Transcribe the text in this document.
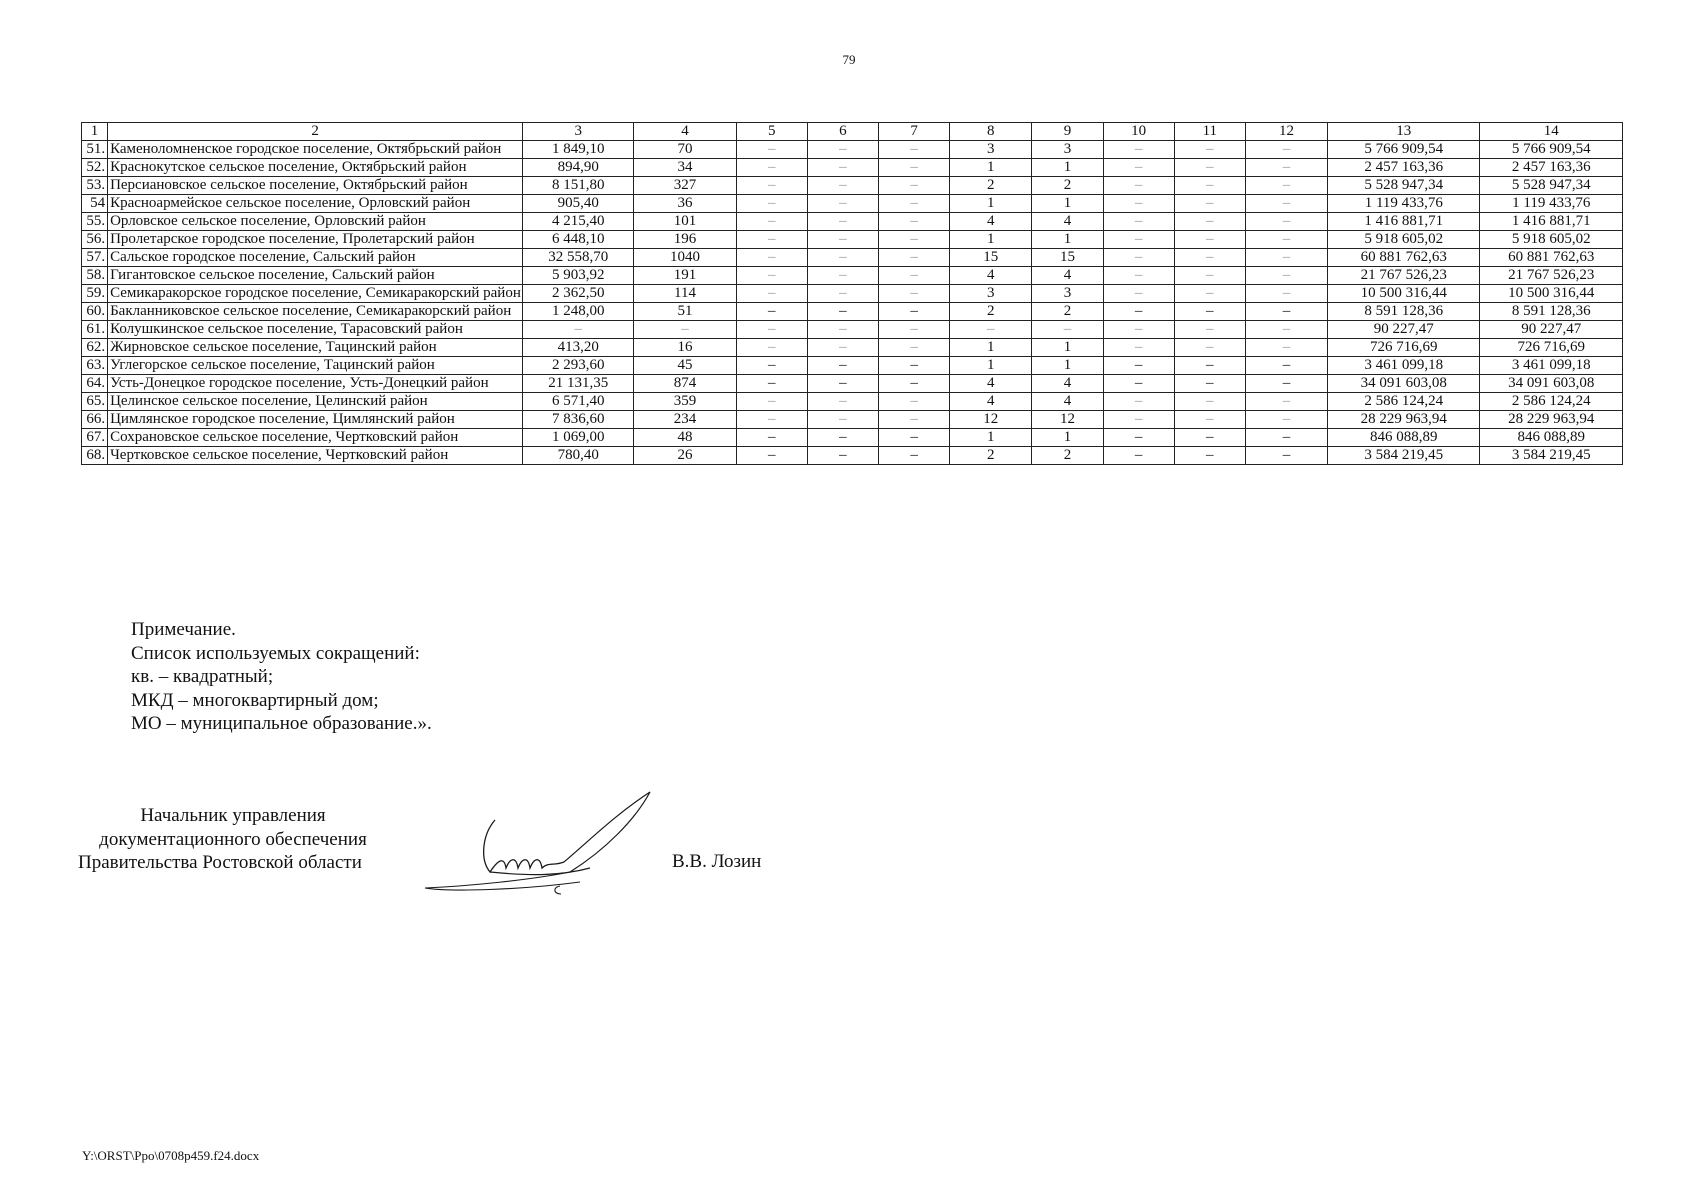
79
1	2	3	4	5	6	7	8	9	10	11	12	13	14
51.	Каменоломненское городское поселение, Октябрьский район	1 849,10	70	–	–	–	3	3	–	–	–	5 766 909,54	5 766 909,54
52.	Краснокутское сельское поселение, Октябрьский район	894,90	34	–	–	–	1	1	–	–	–	2 457 163,36	2 457 163,36
53.	Персиановское сельское поселение, Октябрьский район	8 151,80	327	–	–	–	2	2	–	–	–	5 528 947,34	5 528 947,34
54	Красноармейское сельское поселение, Орловский район	905,40	36	–	–	–	1	1	–	–	–	1 119 433,76	1 119 433,76
55.	Орловское сельское поселение, Орловский район	4 215,40	101	–	–	–	4	4	–	–	–	1 416 881,71	1 416 881,71
56.	Пролетарское городское поселение, Пролетарский район	6 448,10	196	–	–	–	1	1	–	–	–	5 918 605,02	5 918 605,02
57.	Сальское городское поселение, Сальский район	32 558,70	1040	–	–	–	15	15	–	–	–	60 881 762,63	60 881 762,63
58.	Гигантовское сельское поселение, Сальский район	5 903,92	191	–	–	–	4	4	–	–	–	21 767 526,23	21 767 526,23
59.	Семикаракорское городское поселение, Семикаракорский район	2 362,50	114	–	–	–	3	3	–	–	–	10 500 316,44	10 500 316,44
60.	Бакланниковское сельское поселение, Семикаракорский район	1 248,00	51	–	–	–	2	2	–	–	–	8 591 128,36	8 591 128,36
61.	Колушкинское сельское поселение, Тарасовский район	–	–	–	–	–	–	–	–	–	–	90 227,47	90 227,47
62.	Жирновское сельское поселение, Тацинский район	413,20	16	–	–	–	1	1	–	–	–	726 716,69	726 716,69
63.	Углегорское сельское поселение, Тацинский район	2 293,60	45	–	–	–	1	1	–	–	–	3 461 099,18	3 461 099,18
64.	Усть-Донецкое городское поселение, Усть-Донецкий район	21 131,35	874	–	–	–	4	4	–	–	–	34 091 603,08	34 091 603,08
65.	Целинское сельское поселение, Целинский район	6 571,40	359	–	–	–	4	4	–	–	–	2 586 124,24	2 586 124,24
66.	Цимлянское городское поселение, Цимлянский район	7 836,60	234	–	–	–	12	12	–	–	–	28 229 963,94	28 229 963,94
67.	Сохрановское сельское поселение, Чертковский район	1 069,00	48	–	–	–	1	1	–	–	–	846 088,89	846 088,89
68.	Чертковское сельское поселение, Чертковский район	780,40	26	–	–	–	2	2	–	–	–	3 584 219,45	3 584 219,45
Примечание.
Список используемых сокращений:
кв. – квадратный;
МКД – многоквартирный дом;
МО – муниципальное образование.».
Начальник управления
документационного обеспечения
Правительства Ростовской области	В.В. Лозин
Y:\ORST\Ppo\0708p459.f24.docx
